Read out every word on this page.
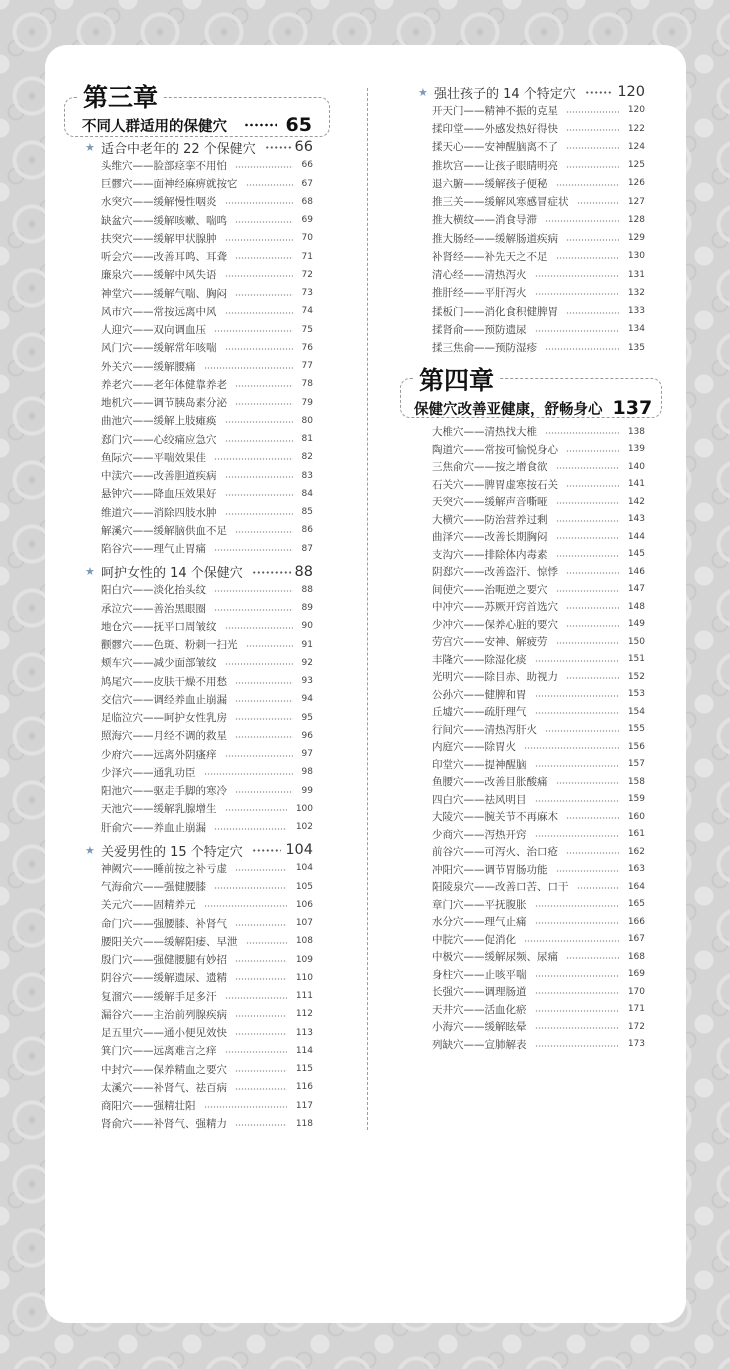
第三章
不同人群适用的保健穴	65
★ 适合中老年的 22 个保健穴	66
头维穴——脸部痉挛不用怕	66
巨髎穴——面神经麻痹就按它	67
水突穴——缓解慢性咽炎	68
缺盆穴——缓解咳嗽、喘鸣	69
扶突穴——缓解甲状腺肿	70
听会穴——改善耳鸣、耳聋	71
廉泉穴——缓解中风失语	72
神堂穴——缓解气喘、胸闷	73
风市穴——常按远离中风	74
人迎穴——双向调血压	75
风门穴——缓解常年咳喘	76
外关穴——缓解腰痛	77
养老穴——老年体健靠养老	78
地机穴——调节胰岛素分泌	79
曲池穴——缓解上肢瘫痪	80
郄门穴——心绞痛应急穴	81
鱼际穴——平喘效果佳	82
中渎穴——改善胆道疾病	83
悬钟穴——降血压效果好	84
维道穴——消除四肢水肿	85
解溪穴——缓解脑供血不足	86
陷谷穴——理气止胃痛	87
★ 呵护女性的 14 个保健穴	88
阳白穴——淡化抬头纹	88
承泣穴——善治黑眼圈	89
地仓穴——抚平口周皱纹	90
颧髎穴——色斑、粉刺一扫光	91
颊车穴——减少面部皱纹	92
鸠尾穴——皮肤干燥不用愁	93
交信穴——调经养血止崩漏	94
足临泣穴——呵护女性乳房	95
照海穴——月经不调的救星	96
少府穴——远离外阴瘙痒	97
少泽穴——通乳功臣	98
阳池穴——驱走手脚的寒冷	99
天池穴——缓解乳腺增生	100
肝俞穴——养血止崩漏	102
★ 关爱男性的 15 个特定穴	104
神阙穴——睡前按之补亏虚	104
气海俞穴——强健腰膝	105
关元穴——固精养元	106
命门穴——强腰膝、补肾气	107
腰阳关穴——缓解阳痿、早泄	108
殷门穴——强健腰腿有妙招	109
阴谷穴——缓解遗尿、遗精	110
复溜穴——缓解手足多汗	111
漏谷穴——主治前列腺疾病	112
足五里穴——通小便见效快	113
箕门穴——远离难言之痒	114
中封穴——保养精血之要穴	115
太溪穴——补肾气、祛百病	116
商阳穴——强精壮阳	117
肾俞穴——补肾气、强精力	118
★ 强壮孩子的 14 个特定穴	120
开天门——精神不振的克星	120
揉印堂——外感发热好得快	122
揉天心——安神醒脑离不了	124
推坎宫——让孩子眼睛明亮	125
退六腑——缓解孩子便秘	126
推三关——缓解风寒感冒症状	127
推大横纹——消食导滞	128
推大肠经——缓解肠道疾病	129
补肾经——补先天之不足	130
清心经——清热泻火	131
推肝经——平肝泻火	132
揉板门——消化食积健脾胃	133
揉肾俞——预防遗尿	134
揉三焦俞——预防湿疹	135
第四章
保健穴改善亚健康，舒畅身心 137
大椎穴——清热找大椎	138
陶道穴——常按可愉悦身心	139
三焦俞穴——按之增食欲	140
石关穴——脾胃虚寒按石关	141
天突穴——缓解声音嘶哑	142
大横穴——防治营养过剩	143
曲泽穴——改善长期胸闷	144
支沟穴——排除体内毒素	145
阴郄穴——改善盗汗、惊悸	146
间使穴——治呃逆之要穴	147
中冲穴——苏厥开窍首选穴	148
少冲穴——保养心脏的要穴	149
劳宫穴——安神、解疲劳	150
丰隆穴——除湿化痰	151
光明穴——除目赤、助视力	152
公孙穴——健脾和胃	153
丘墟穴——疏肝理气	154
行间穴——清热泻肝火	155
内庭穴——除胃火	156
印堂穴——提神醒脑	157
鱼腰穴——改善目胀酸痛	158
四白穴——祛风明目	159
大陵穴——腕关节不再麻木	160
少商穴——泻热开窍	161
前谷穴——可泻火、治口疮	162
冲阳穴——调节胃肠功能	163
阳陵泉穴——改善口苦、口干	164
章门穴——平抚腹胀	165
水分穴——理气止痛	166
中脘穴——促消化	167
中极穴——缓解尿频、尿痛	168
身柱穴——止咳平喘	169
长强穴——调理肠道	170
天井穴——活血化瘀	171
小海穴——缓解眩晕	172
列缺穴——宣肺解表	173
